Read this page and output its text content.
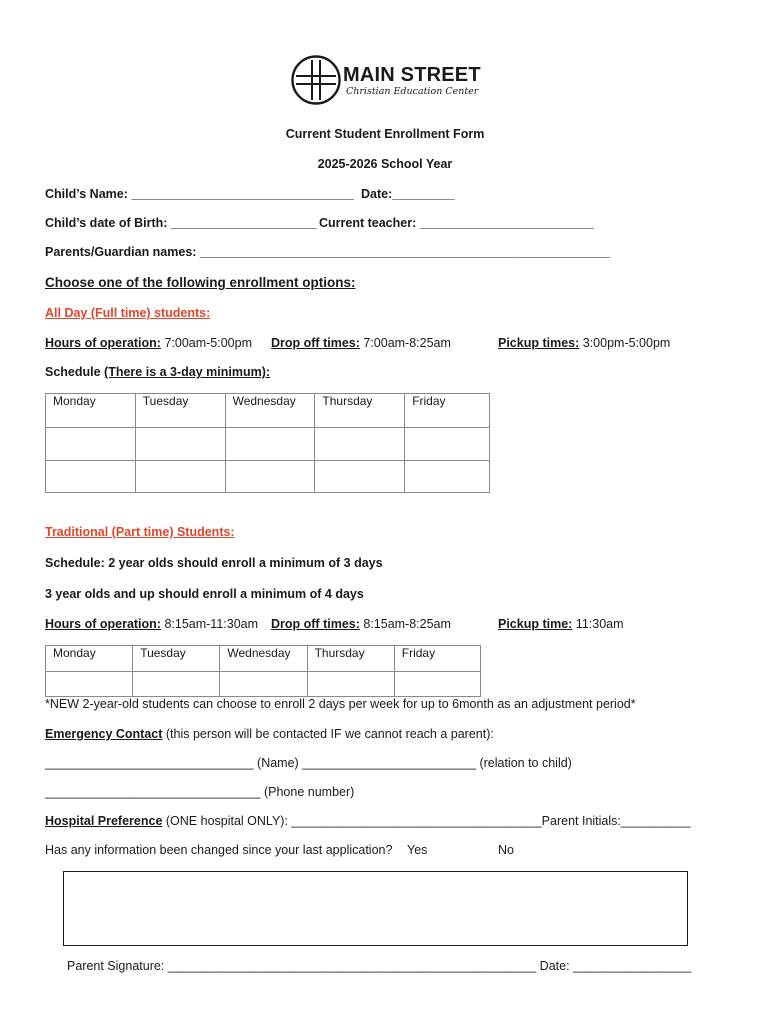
MAIN STREET
Christian Education Center
Current Student Enrollment Form
2025-2026 School Year
Child’s Name: ________________________________ Date:_________
Child’s date of Birth: _____________________ Current teacher: _________________________
Parents/Guardian names: ___________________________________________________________
Choose one of the following enrollment options:
All Day (Full time) students:
Hours of operation: 7:00am-5:00pm Drop off times: 7:00am-8:25am	Pickup times: 3:00pm-5:00pm
Schedule (There is a 3-day minimum):
Monday	Tuesday	Wednesday	Thursday	Friday

Traditional (Part time) Students:
Schedule: 2 year olds should enroll a minimum of 3 days
3 year olds and up should enroll a minimum of 4 days
Hours of operation: 8:15am-11:30am Drop off times: 8:15am-8:25am	Pickup time: 11:30am
Monday	Tuesday	Wednesday	Thursday	Friday

*NEW 2-year-old students can choose to enroll 2 days per week for up to 6month as an adjustment period*
Emergency Contact (this person will be contacted IF we cannot reach a parent):
______________________________ (Name) _________________________ (relation to child)
_______________________________ (Phone number)
Hospital Preference (ONE hospital ONLY): ____________________________________Parent Initials:__________
Has any information been changed since your last application? Yes	No
Parent Signature: _____________________________________________________ Date: _________________
